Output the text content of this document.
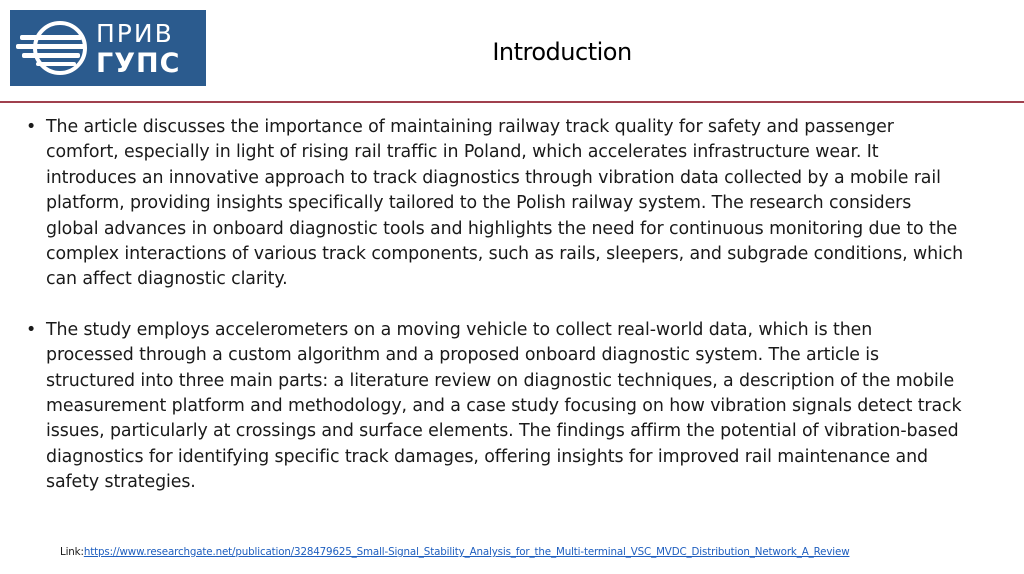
ПРИВ
ГУПС	Introduction
• The article discusses the importance of maintaining railway track quality for safety and passenger comfort, especially in light of rising rail traffic in Poland, which accelerates infrastructure wear. It introduces an innovative approach to track diagnostics through vibration data collected by a mobile rail platform, providing insights specifically tailored to the Polish railway system. The research considers global advances in onboard diagnostic tools and highlights the need for continuous monitoring due to the complex interactions of various track components, such as rails, sleepers, and subgrade conditions, which can affect diagnostic clarity.
• The study employs accelerometers on a moving vehicle to collect real-world data, which is then processed through a custom algorithm and a proposed onboard diagnostic system. The article is structured into three main parts: a literature review on diagnostic techniques, a description of the mobile measurement platform and methodology, and a case study focusing on how vibration signals detect track issues, particularly at crossings and surface elements. The findings affirm the potential of vibration-based diagnostics for identifying specific track damages, offering insights for improved rail maintenance and safety strategies.
Link:https://www.researchgate.net/publication/328479625_Small-Signal_Stability_Analysis_for_the_Multi-terminal_VSC_MVDC_Distribution_Network_A_Review
